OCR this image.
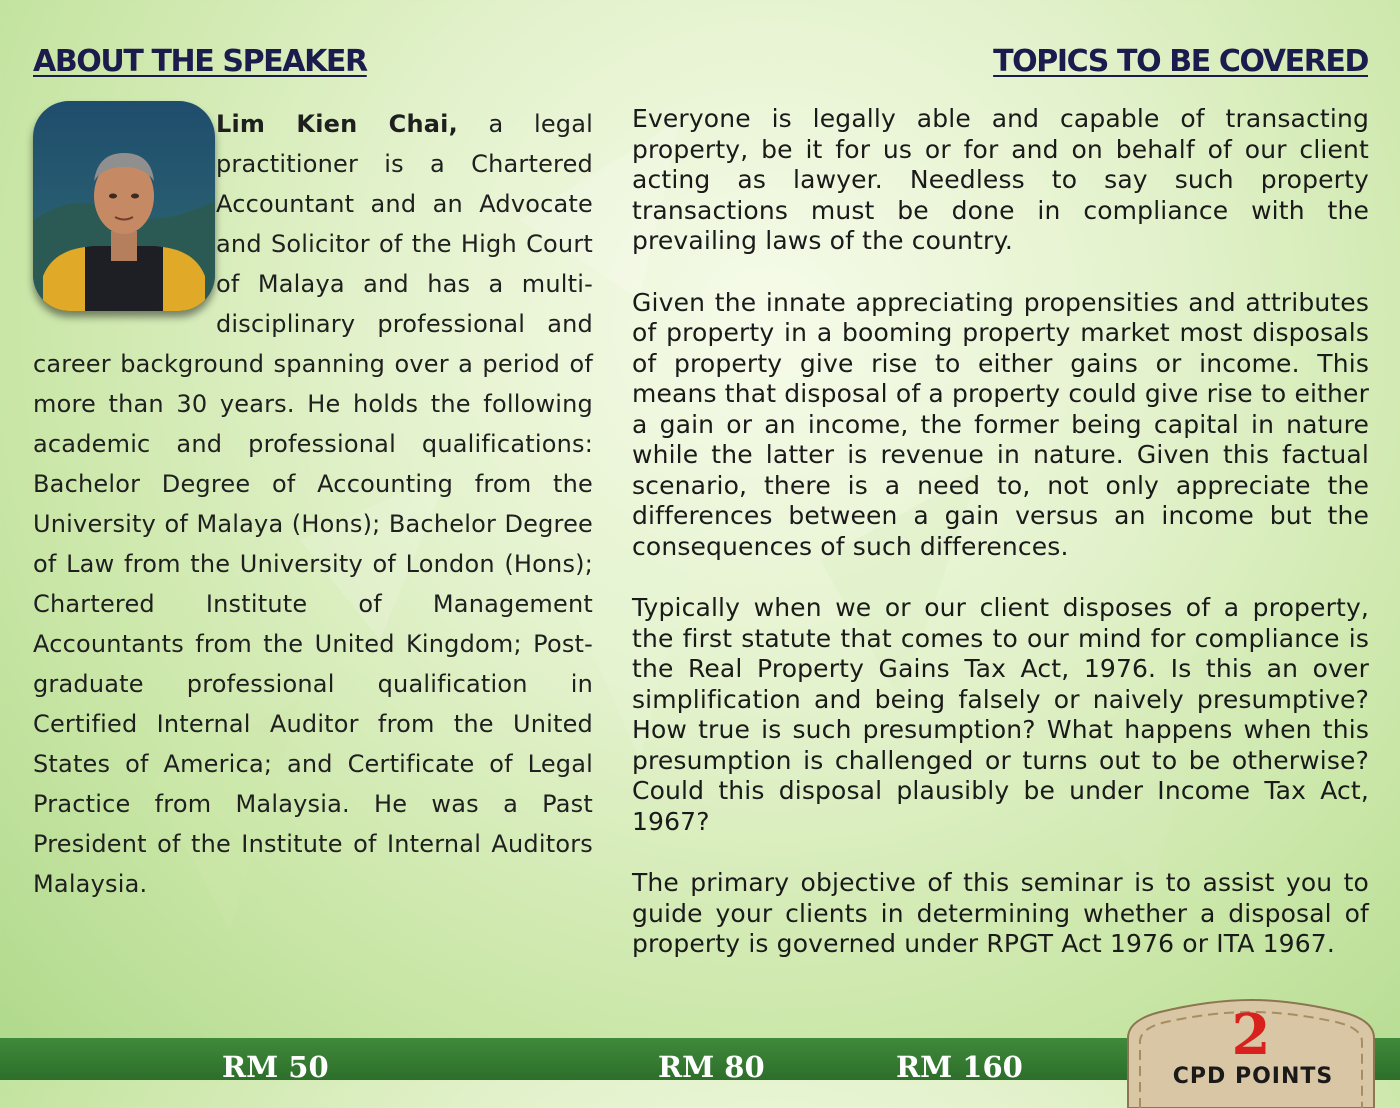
ABOUT THE SPEAKER	TOPICS TO BE COVERED

Lim Kien Chai, a legal practitioner is a Chartered Accountant and an Advocate and Solicitor of the High Court of Malaya and has a multi-disciplinary professional and career background spanning over a period of more than 30 years. He holds the following academic and professional qualifications: Bachelor Degree of Accounting from the University of Malaya (Hons); Bachelor Degree of Law from the University of London (Hons); Chartered Institute of Management Accountants from the United Kingdom; Post-graduate professional qualification in Certified Internal Auditor from the United States of America; and Certificate of Legal Practice from Malaysia. He was a Past President of the Institute of Internal Auditors Malaysia.

Everyone is legally able and capable of transacting property, be it for us or for and on behalf of our client acting as lawyer. Needless to say such property transactions must be done in compliance with the prevailing laws of the country.

Given the innate appreciating propensities and attributes of property in a booming property market most disposals of property give rise to either gains or income. This means that disposal of a property could give rise to either a gain or an income, the former being capital in nature while the latter is revenue in nature. Given this factual scenario, there is a need to, not only appreciate the differences between a gain versus an income but the consequences of such differences.

Typically when we or our client disposes of a property, the first statute that comes to our mind for compliance is the Real Property Gains Tax Act, 1976. Is this an over simplification and being falsely or naively presumptive? How true is such presumption? What happens when this presumption is challenged or turns out to be otherwise? Could this disposal plausibly be under Income Tax Act, 1967?

The primary objective of this seminar is to assist you to guide your clients in determining whether a disposal of property is governed under RPGT Act 1976 or ITA 1967.

RM 50	RM 80	RM 160	2
CPD POINTS
